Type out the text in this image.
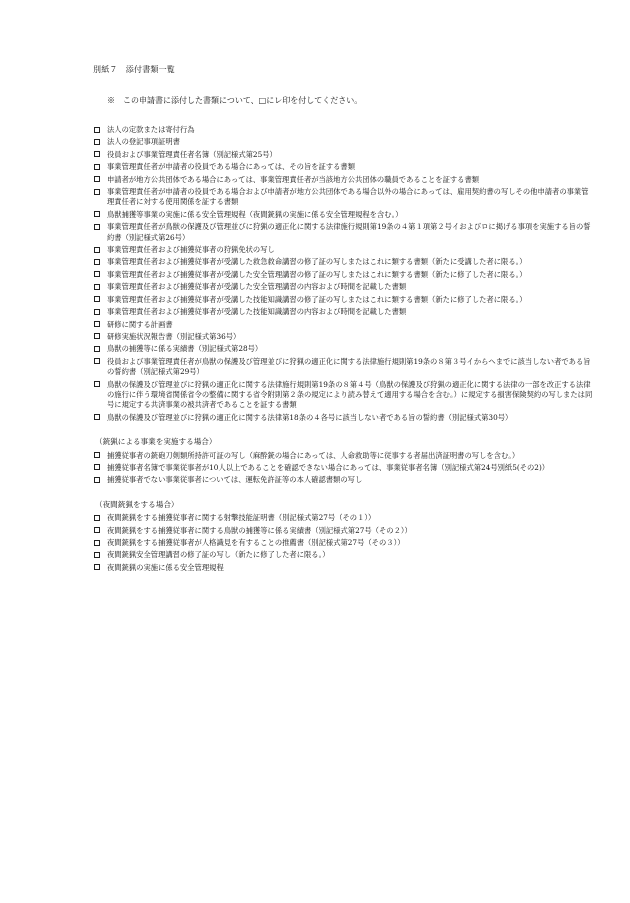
別紙７　添付書類一覧
※　この申請書に添付した書類について、□にレ印を付してください。
法人の定款または寄付行為
法人の登記事項証明書
役員および事業管理責任者名簿（別記様式第25号）
事業管理責任者が申請者の役員である場合にあっては、その旨を証する書類
申請者が地方公共団体である場合にあっては、事業管理責任者が当該地方公共団体の職員であることを証する書類
事業管理責任者が申請者の役員である場合および申請者が地方公共団体である場合以外の場合にあっては、雇用契約書の写しその他申請者の事業管理責任者に対する使用関係を証する書類
鳥獣捕獲等事業の実施に係る安全管理規程（夜間銃猟の実施に係る安全管理規程を含む。）
事業管理責任者が鳥獣の保護及び管理並びに狩猟の適正化に関する法律施行規則第19条の４第１項第２号イおよびロに掲げる事項を実施する旨の誓約書（別記様式第26号）
事業管理責任者および捕獲従事者の狩猟免状の写し
事業管理責任者および捕獲従事者が受講した救急救命講習の修了証の写しまたはこれに類する書類（新たに受講した者に限る。）
事業管理責任者および捕獲従事者が受講した安全管理講習の修了証の写しまたはこれに類する書類（新たに修了した者に限る。）
事業管理責任者および捕獲従事者が受講した安全管理講習の内容および時間を記載した書類
事業管理責任者および捕獲従事者が受講した技能知識講習の修了証の写しまたはこれに類する書類（新たに修了した者に限る。）
事業管理責任者および捕獲従事者が受講した技能知識講習の内容および時間を記載した書類
研修に関する計画書
研修実施状況報告書（別記様式第36号）
鳥獣の捕獲等に係る実績書（別記様式第28号）
役員および事業管理責任者が鳥獣の保護及び管理並びに狩猟の適正化に関する法律施行規則第19条の８第３号イからヘまでに該当しない者である旨の誓約書（別記様式第29号）
鳥獣の保護及び管理並びに狩猟の適正化に関する法律施行規則第19条の８第４号（鳥獣の保護及び狩猟の適正化に関する法律の一部を改正する法律の施行に伴う環境省関係省令の整備に関する省令附則第２条の規定により読み替えて適用する場合を含む。）に規定する損害保険契約の写しまたは同号に規定する共済事業の被共済者であることを証する書類
鳥獣の保護及び管理並びに狩猟の適正化に関する法律第18条の４各号に該当しない者である旨の誓約書（別記様式第30号）
（銃猟による事業を実施する場合）
捕獲従事者の銃砲刀剣類所持許可証の写し（麻酔銃の場合にあっては、人命救助等に従事する者届出済証明書の写しを含む。）
捕獲従事者名簿で事業従事者が10人以上であることを確認できない場合にあっては、事業従事者名簿（別記様式第24号別紙5(その2)）
捕獲従事者でない事業従事者については、運転免許証等の本人確認書類の写し
（夜間銃猟をする場合）
夜間銃猟をする捕獲従事者に関する射撃技能証明書（別記様式第27号（その１））
夜間銃猟をする捕獲従事者に関する鳥獣の捕獲等に係る実績書（別記様式第27号（その２））
夜間銃猟をする捕獲従事者が人格識見を有することの推薦書（別記様式第27号（その３））
夜間銃猟安全管理講習の修了証の写し（新たに修了した者に限る。）
夜間銃猟の実施に係る安全管理規程
